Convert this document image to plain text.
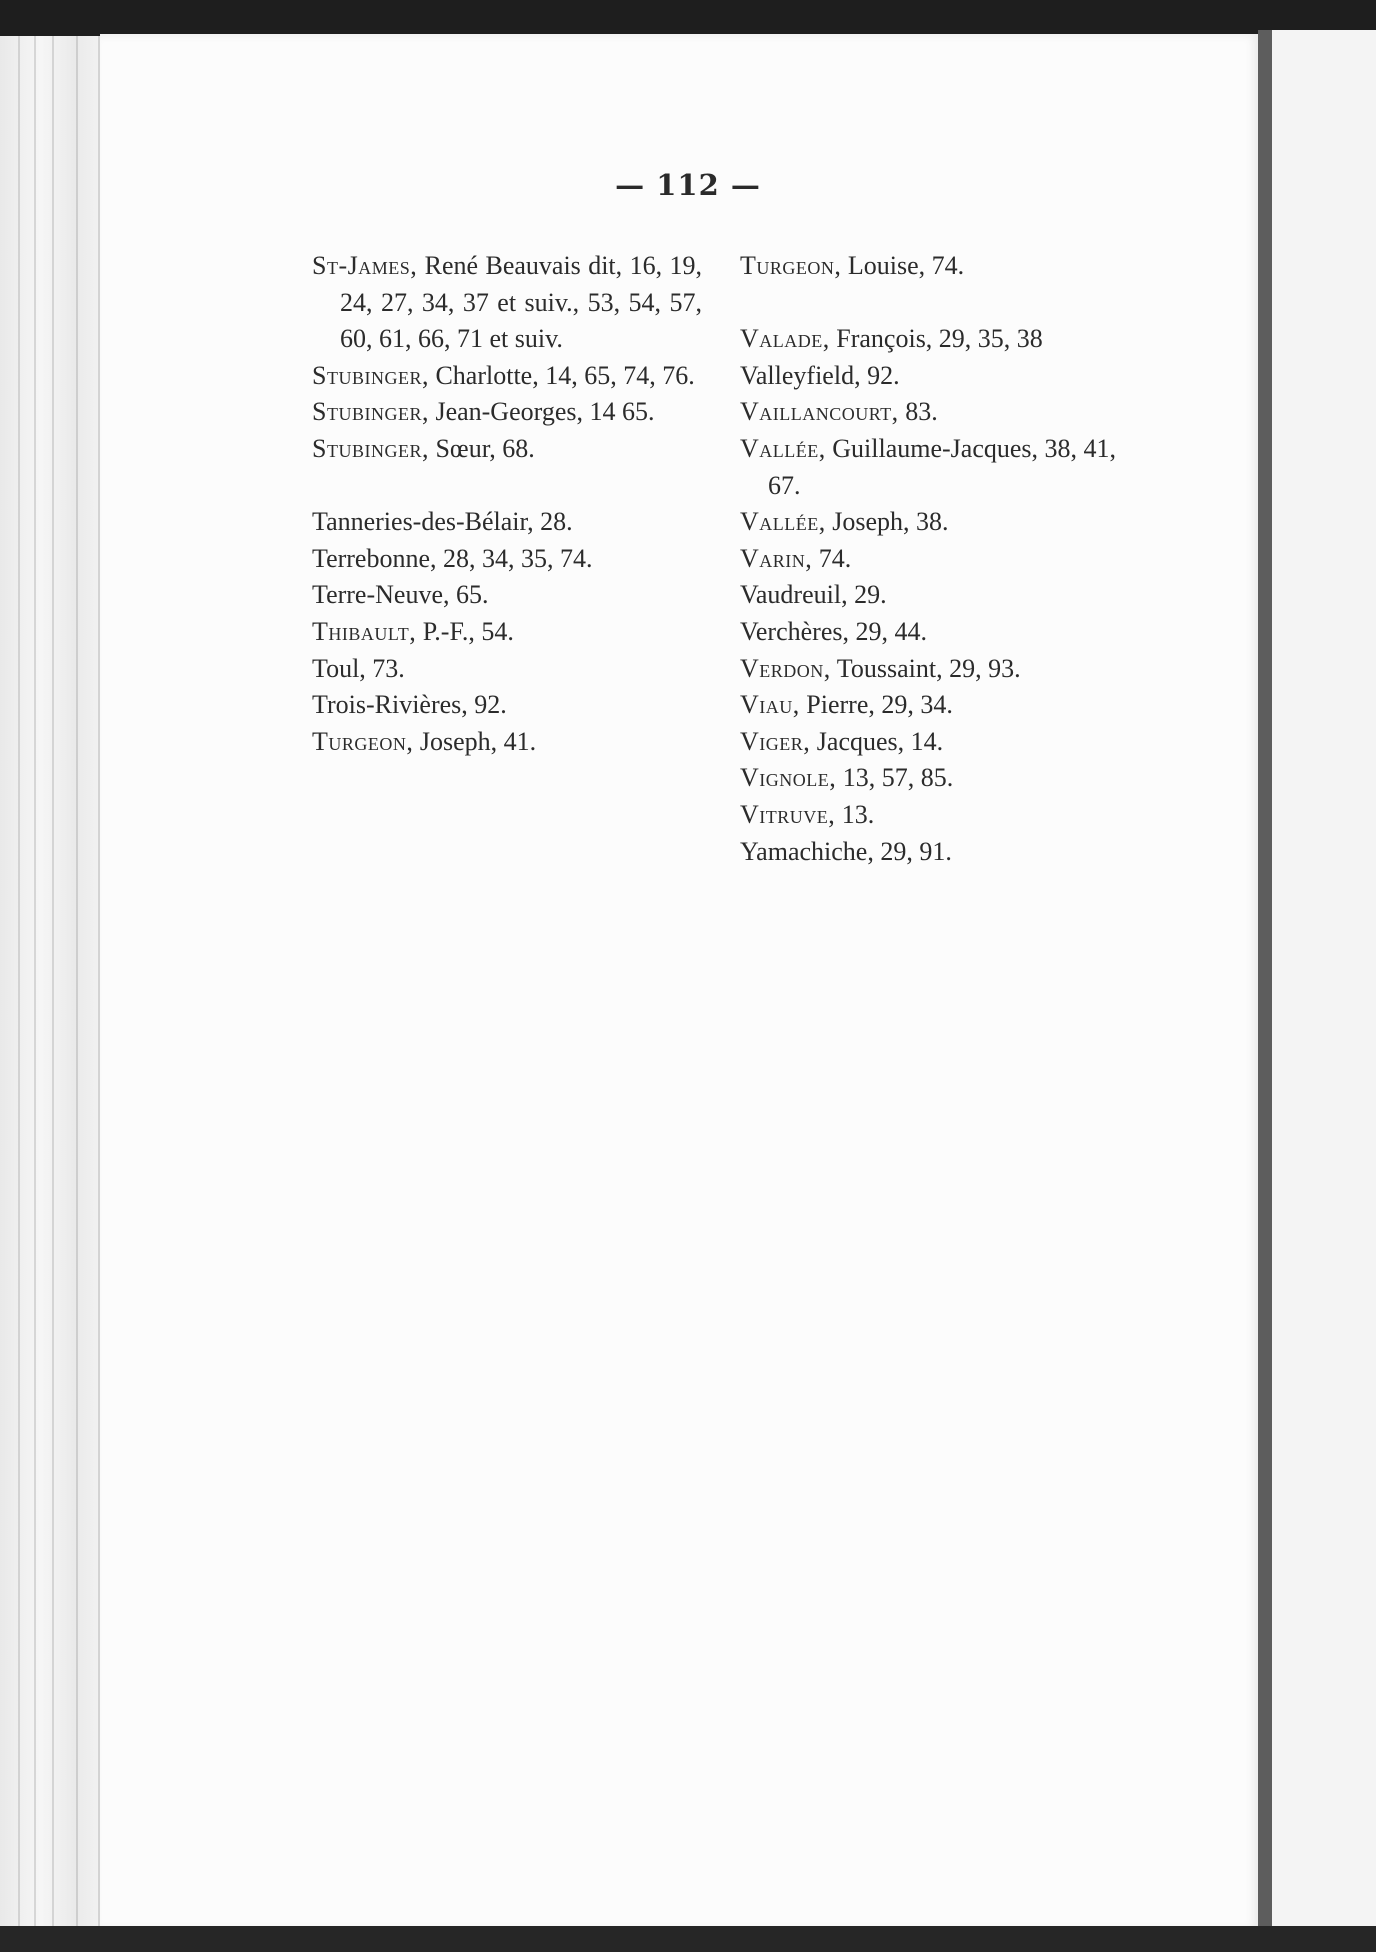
— 112 —

St-James, René Beauvais dit, 16, 19, 24, 27, 34, 37 et suiv., 53, 54, 57, 60, 61, 66, 71 et suiv.

Stubinger, Charlotte, 14, 65, 74, 76.

Stubinger, Jean-Georges, 14 65.

Stubinger, Sœur, 68.

Tanneries-des-Bélair, 28.

Terrebonne, 28, 34, 35, 74.

Terre-Neuve, 65.

Thibault, P.-F., 54.

Toul, 73.

Trois-Rivières, 92.

Turgeon, Joseph, 41.

Turgeon, Louise, 74.

Valade, François, 29, 35, 38

Valleyfield, 92.

Vaillancourt, 83.

Vallée, Guillaume-Jacques, 38, 41, 67.

Vallée, Joseph, 38.

Varin, 74.

Vaudreuil, 29.

Verchères, 29, 44.

Verdon, Toussaint, 29, 93.

Viau, Pierre, 29, 34.

Viger, Jacques, 14.

Vignole, 13, 57, 85.

Vitruve, 13.

Yamachiche, 29, 91.
